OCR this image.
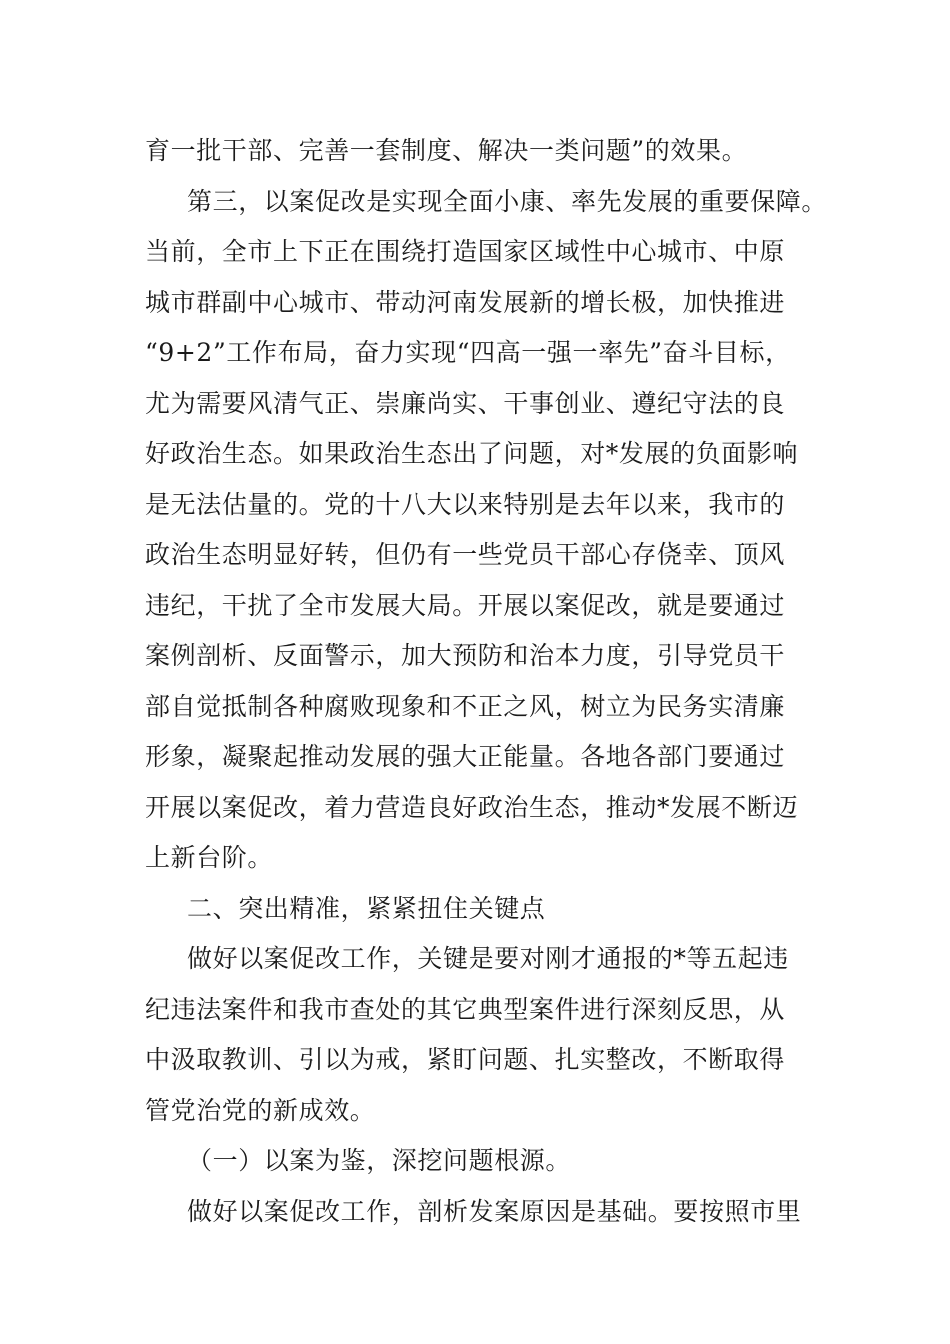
育一批干部、完善一套制度、解决一类问题”的效果。
第三，以案促改是实现全面小康、率先发展的重要保障。
当前，全市上下正在围绕打造国家区域性中心城市、中原
城市群副中心城市、带动河南发展新的增长极，加快推进
“9+2”工作布局，奋力实现“四高一强一率先”奋斗目标，
尤为需要风清气正、崇廉尚实、干事创业、遵纪守法的良
好政治生态。如果政治生态出了问题，对*发展的负面影响
是无法估量的。党的十八大以来特别是去年以来，我市的
政治生态明显好转，但仍有一些党员干部心存侥幸、顶风
违纪，干扰了全市发展大局。开展以案促改，就是要通过
案例剖析、反面警示，加大预防和治本力度，引导党员干
部自觉抵制各种腐败现象和不正之风，树立为民务实清廉
形象，凝聚起推动发展的强大正能量。各地各部门要通过
开展以案促改，着力营造良好政治生态，推动*发展不断迈
上新台阶。
二、突出精准，紧紧扭住关键点
做好以案促改工作，关键是要对刚才通报的*等五起违
纪违法案件和我市查处的其它典型案件进行深刻反思，从
中汲取教训、引以为戒，紧盯问题、扎实整改，不断取得
管党治党的新成效。
（一）以案为鉴，深挖问题根源。
做好以案促改工作，剖析发案原因是基础。要按照市里
